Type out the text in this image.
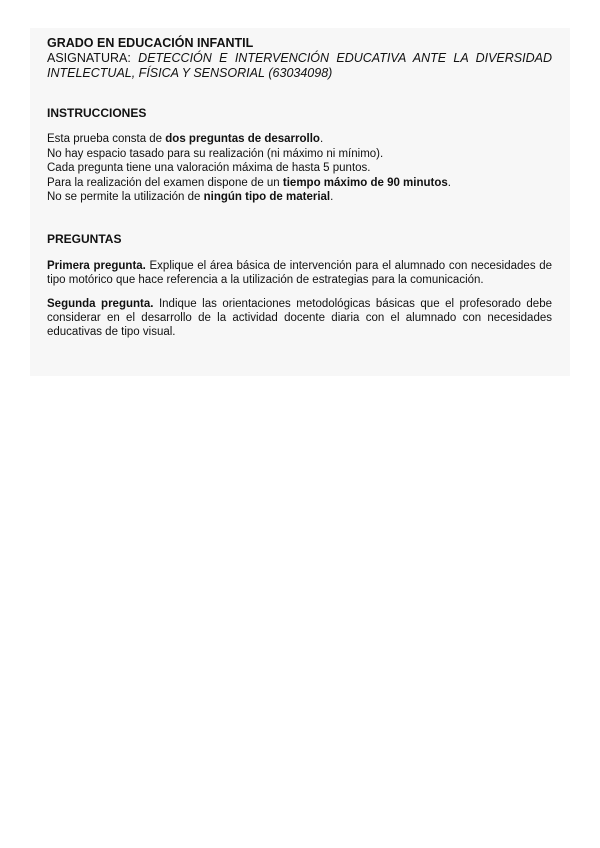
GRADO EN EDUCACIÓN INFANTIL

ASIGNATURA: DETECCIÓN E INTERVENCIÓN EDUCATIVA ANTE LA DIVERSIDAD INTELECTUAL, FÍSICA Y SENSORIAL (63034098)

INSTRUCCIONES

Esta prueba consta de dos preguntas de desarrollo.

No hay espacio tasado para su realización (ni máximo ni mínimo).

Cada pregunta tiene una valoración máxima de hasta 5 puntos.

Para la realización del examen dispone de un tiempo máximo de 90 minutos.

No se permite la utilización de ningún tipo de material.

PREGUNTAS

Primera pregunta. Explique el área básica de intervención para el alumnado con necesidades de tipo motórico que hace referencia a la utilización de estrategias para la comunicación.

Segunda pregunta. Indique las orientaciones metodológicas básicas que el profesorado debe considerar en el desarrollo de la actividad docente diaria con el alumnado con necesidades educativas de tipo visual.
